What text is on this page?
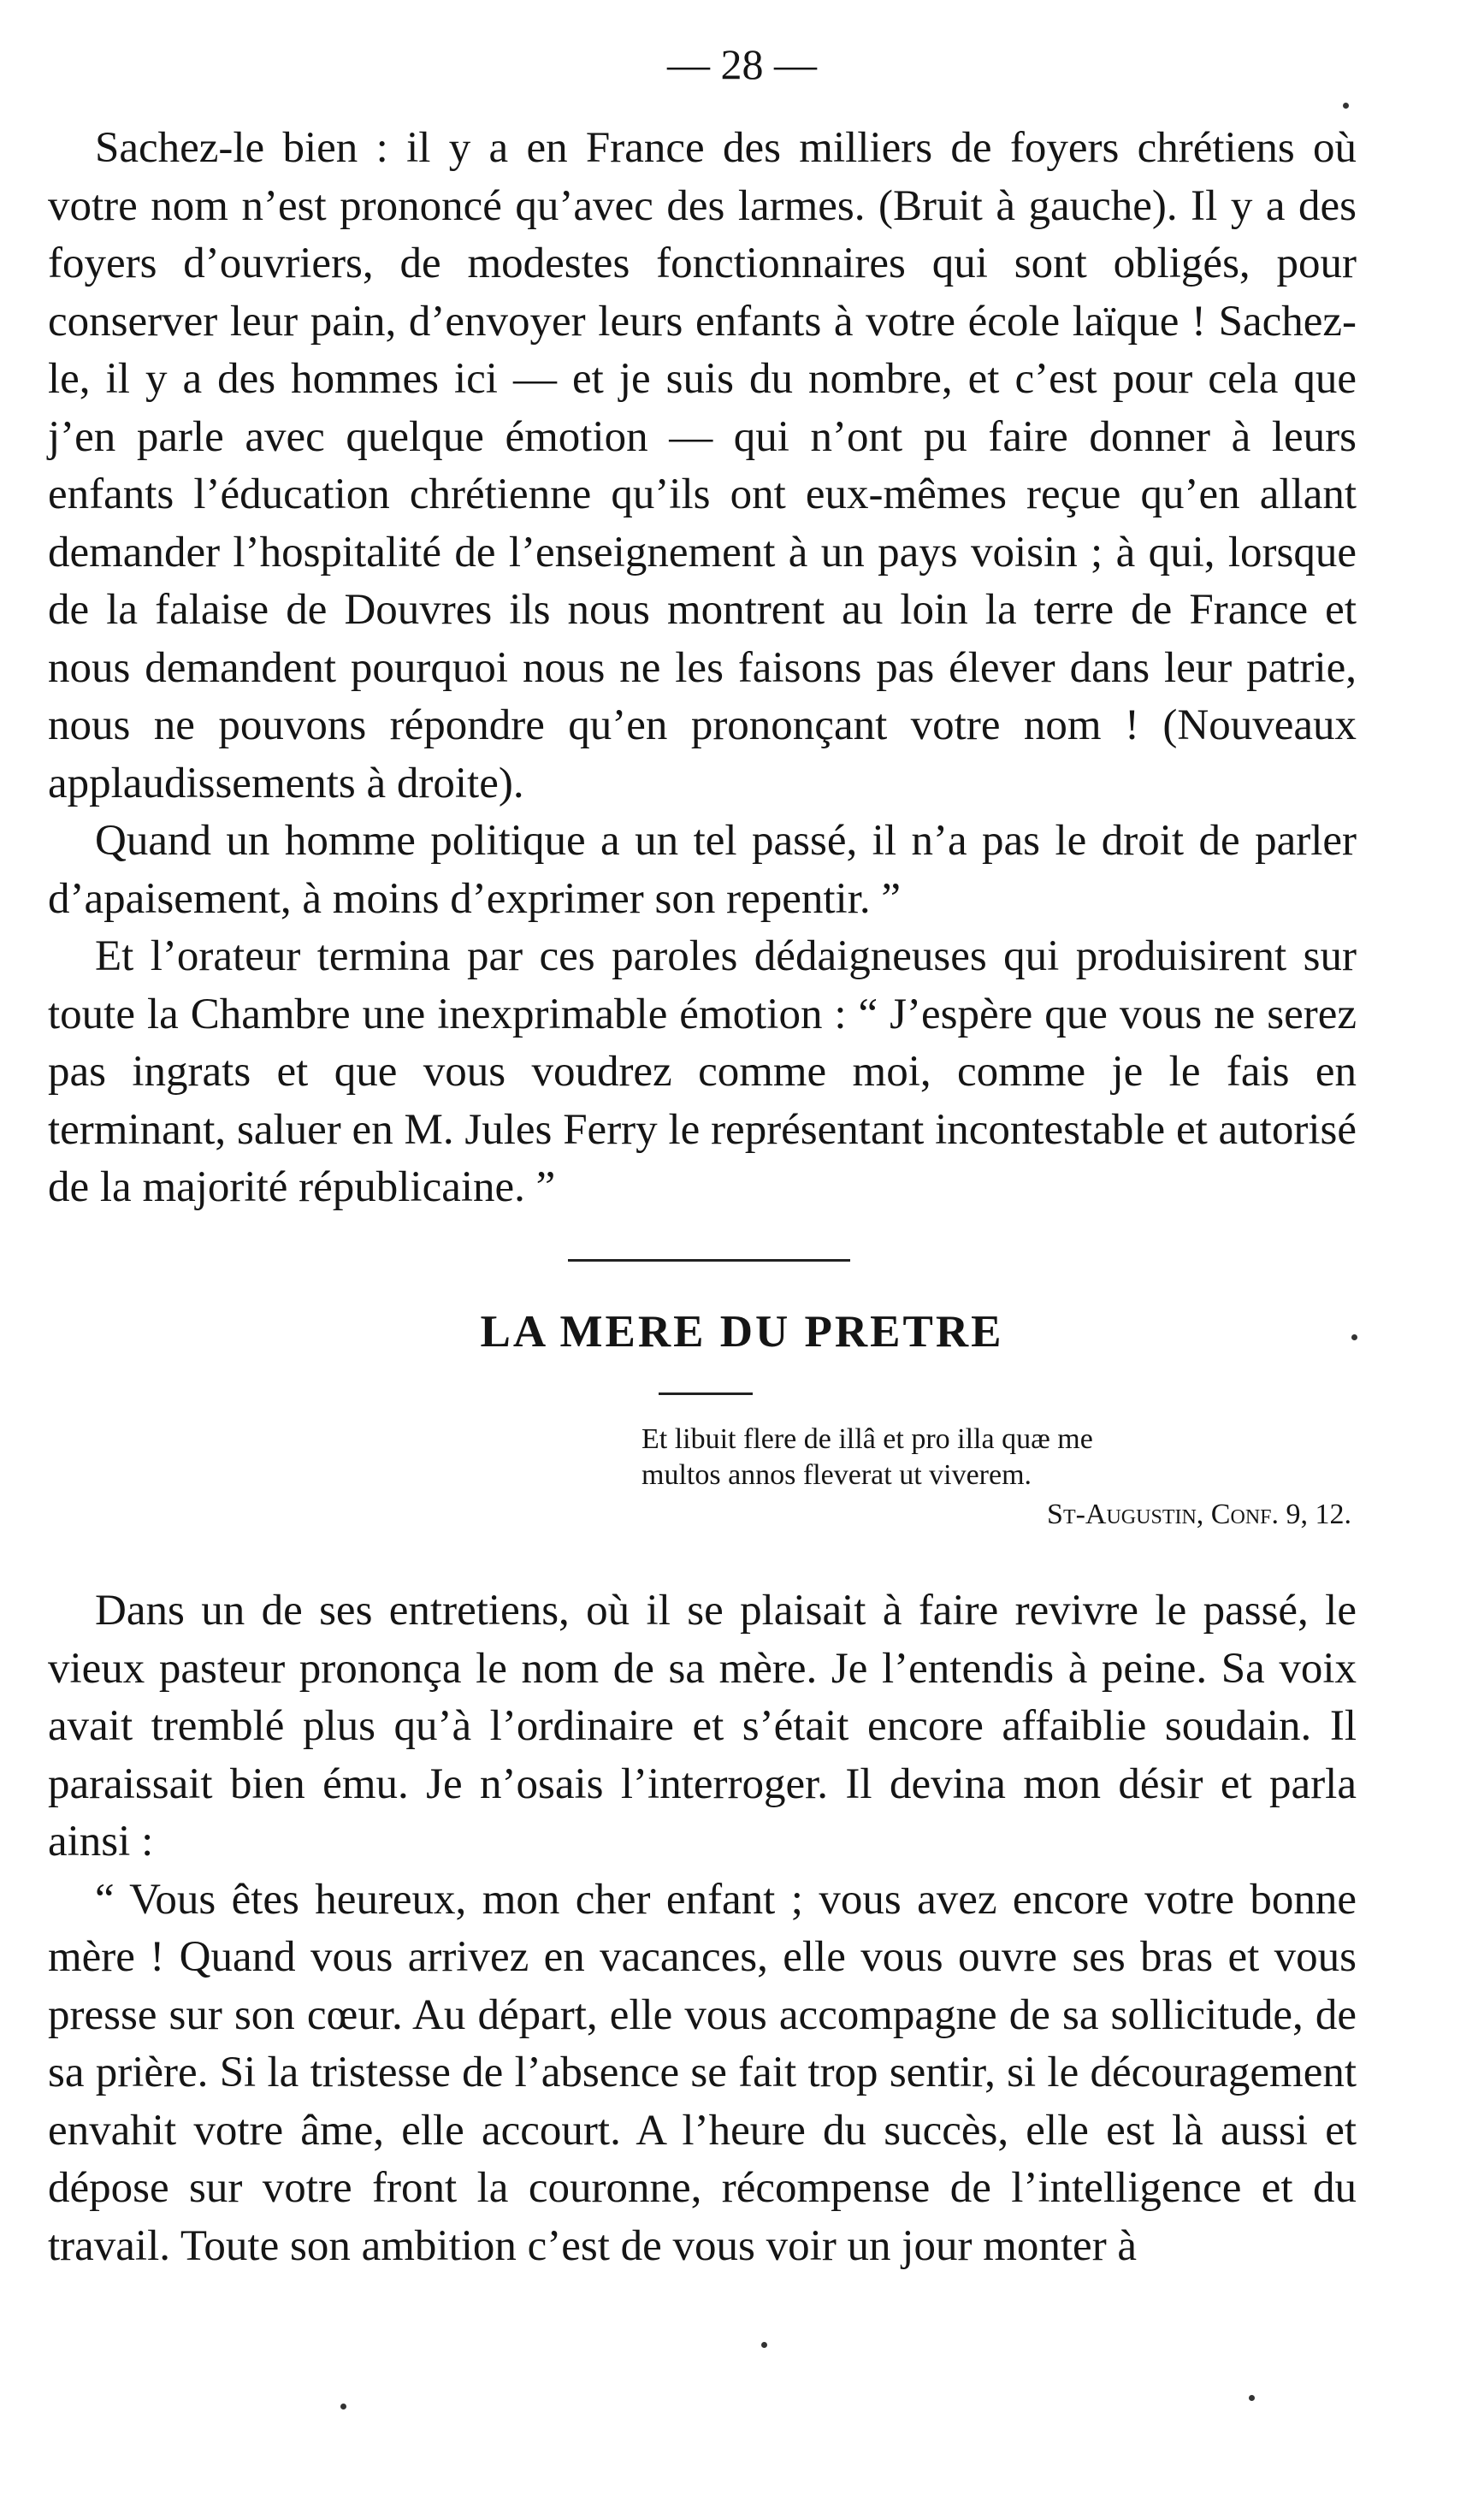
— 28 —

Sachez-le bien : il y a en France des milliers de foyers chrétiens où votre nom n’est prononcé qu’avec des larmes. (Bruit à gauche). Il y a des foyers d’ouvriers, de modestes fonctionnaires qui sont obligés, pour conserver leur pain, d’envoyer leurs enfants à votre école laïque ! Sachez-le, il y a des hommes ici — et je suis du nombre, et c’est pour cela que j’en parle avec quelque émotion — qui n’ont pu faire donner à leurs enfants l’éducation chrétienne qu’ils ont eux-mêmes reçue qu’en allant demander l’hospitalité de l’enseignement à un pays voisin ; à qui, lorsque de la falaise de Douvres ils nous montrent au loin la terre de France et nous demandent pourquoi nous ne les faisons pas élever dans leur patrie, nous ne pouvons répondre qu’en prononçant votre nom ! (Nouveaux applaudissements à droite).

Quand un homme politique a un tel passé, il n’a pas le droit de parler d’apaisement, à moins d’exprimer son repentir. ”

Et l’orateur termina par ces paroles dédaigneuses qui produisirent sur toute la Chambre une inexprimable émotion : “ J’espère que vous ne serez pas ingrats et que vous voudrez comme moi, comme je le fais en terminant, saluer en M. Jules Ferry le représentant incontestable et autorisé de la majorité républicaine. ”

LA MERE DU PRETRE
Et libuit flere de illâ et pro illa quæ me
multos annos fleverat ut viverem.
St-Augustin, Conf. 9, 12.

Dans un de ses entretiens, où il se plaisait à faire revivre le passé, le vieux pasteur prononça le nom de sa mère. Je l’entendis à peine. Sa voix avait tremblé plus qu’à l’ordinaire et s’était encore affaiblie soudain. Il paraissait bien ému. Je n’osais l’interroger. Il devina mon désir et parla ainsi :

“ Vous êtes heureux, mon cher enfant ; vous avez encore votre bonne mère ! Quand vous arrivez en vacances, elle vous ouvre ses bras et vous presse sur son cœur. Au départ, elle vous accompagne de sa sollicitude, de sa prière. Si la tristesse de l’absence se fait trop sentir, si le découragement envahit votre âme, elle accourt. A l’heure du succès, elle est là aussi et dépose sur votre front la couronne, récompense de l’intelligence et du travail. Toute son ambition c’est de vous voir un jour monter à
